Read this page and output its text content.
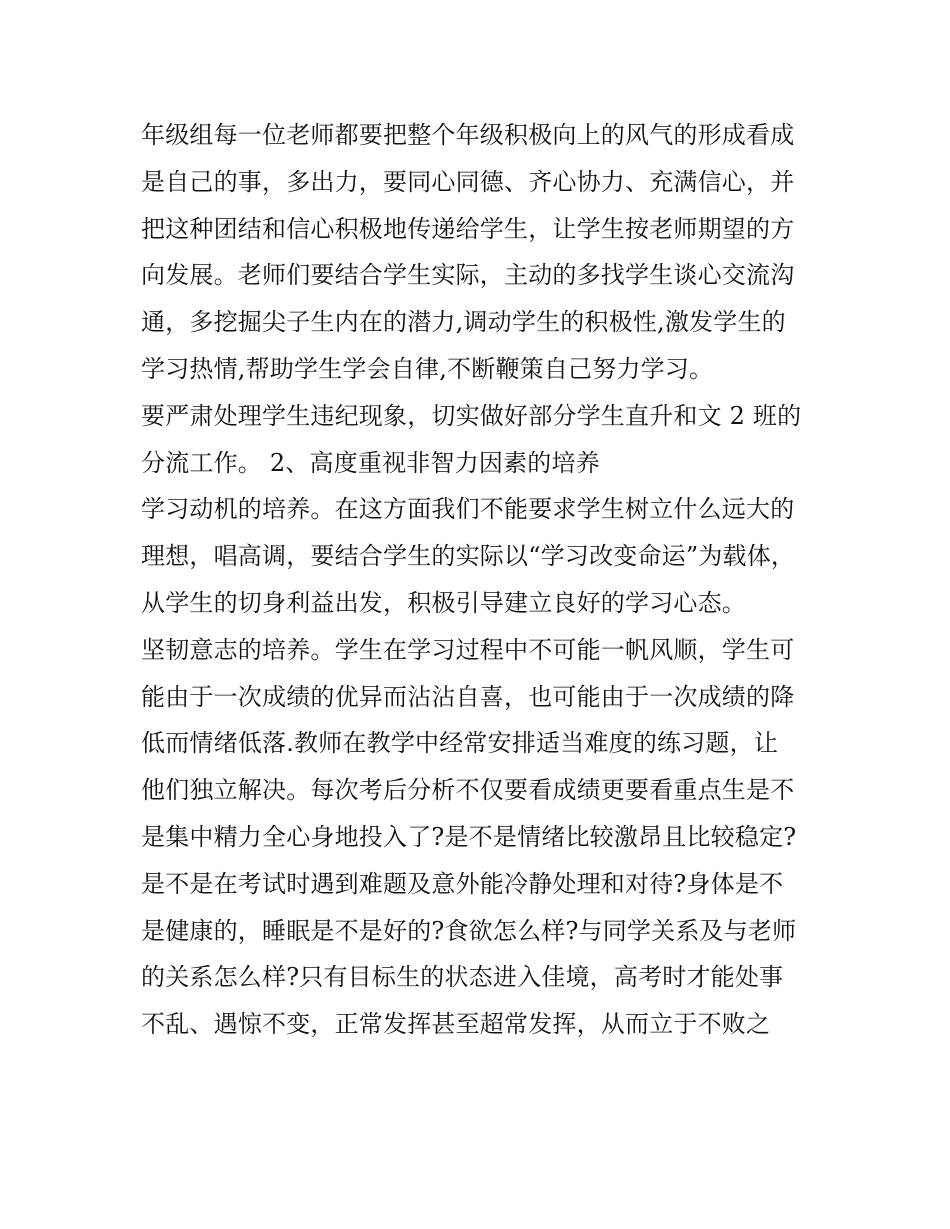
年级组每一位老师都要把整个年级积极向上的风气的形成看成
是自己的事，多出力，要同心同德、齐心协力、充满信心，并
把这种团结和信心积极地传递给学生，让学生按老师期望的方
向发展。老师们要结合学生实际，主动的多找学生谈心交流沟
通，多挖掘尖子生内在的潜力,调动学生的积极性,激发学生的
学习热情,帮助学生学会自律,不断鞭策自己努力学习。

要严肃处理学生违纪现象，切实做好部分学生直升和文 2 班的
分流工作。 2、高度重视非智力因素的培养

学习动机的培养。在这方面我们不能要求学生树立什么远大的
理想，唱高调，要结合学生的实际以“学习改变命运”为载体，
从学生的切身利益出发，积极引导建立良好的学习心态。

坚韧意志的培养。学生在学习过程中不可能一帆风顺，学生可
能由于一次成绩的优异而沾沾自喜，也可能由于一次成绩的降
低而情绪低落.教师在教学中经常安排适当难度的练习题，让
他们独立解决。每次考后分析不仅要看成绩更要看重点生是不
是集中精力全心身地投入了?是不是情绪比较激昂且比较稳定?
是不是在考试时遇到难题及意外能冷静处理和对待?身体是不
是健康的，睡眠是不是好的?食欲怎么样?与同学关系及与老师
的关系怎么样?只有目标生的状态进入佳境，高考时才能处事
不乱、遇惊不变，正常发挥甚至超常发挥，从而立于不败之
